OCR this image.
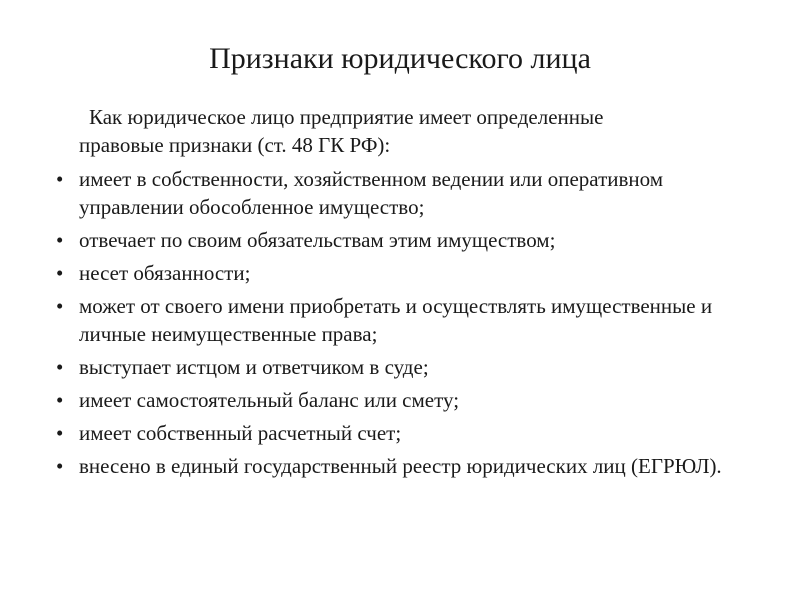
Признаки юридического лица

Как юридическое лицо предприятие имеет определенные
правовые признаки (ст. 48 ГК РФ):

• имеет в собственности, хозяйственном ведении или оперативном управлении обособленное имущество;
• отвечает по своим обязательствам этим имуществом;
• несет обязанности;
• может от своего имени приобретать и осуществлять имущественные и личные неимущественные права;
• выступает истцом и ответчиком в суде;
• имеет самостоятельный баланс или смету;
• имеет собственный расчетный счет;
• внесено в единый государственный реестр юридических лиц (ЕГРЮЛ).
